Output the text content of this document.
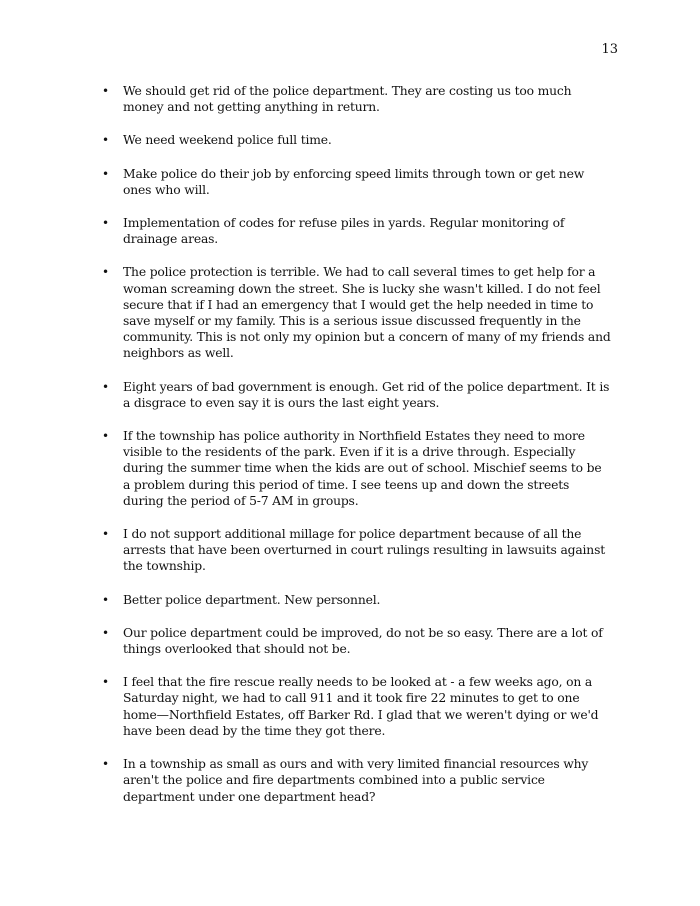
13
• We should get rid of the police department. They are costing us too much money and not getting anything in return.
• We need weekend police full time.
• Make police do their job by enforcing speed limits through town or get new ones who will.
• Implementation of codes for refuse piles in yards. Regular monitoring of drainage areas.
• The police protection is terrible. We had to call several times to get help for a woman screaming down the street. She is lucky she wasn't killed. I do not feel secure that if I had an emergency that I would get the help needed in time to save myself or my family. This is a serious issue discussed frequently in the community. This is not only my opinion but a concern of many of my friends and neighbors as well.
• Eight years of bad government is enough. Get rid of the police department. It is a disgrace to even say it is ours the last eight years.
• If the township has police authority in Northfield Estates they need to more visible to the residents of the park. Even if it is a drive through. Especially during the summer time when the kids are out of school. Mischief seems to be a problem during this period of time. I see teens up and down the streets during the period of 5-7 AM in groups.
• I do not support additional millage for police department because of all the arrests that have been overturned in court rulings resulting in lawsuits against the township.
• Better police department. New personnel.
• Our police department could be improved, do not be so easy. There are a lot of things overlooked that should not be.
• I feel that the fire rescue really needs to be looked at - a few weeks ago, on a Saturday night, we had to call 911 and it took fire 22 minutes to get to one home—Northfield Estates, off Barker Rd. I glad that we weren't dying or we'd have been dead by the time they got there.
• In a township as small as ours and with very limited financial resources why aren't the police and fire departments combined into a public service department under one department head?
